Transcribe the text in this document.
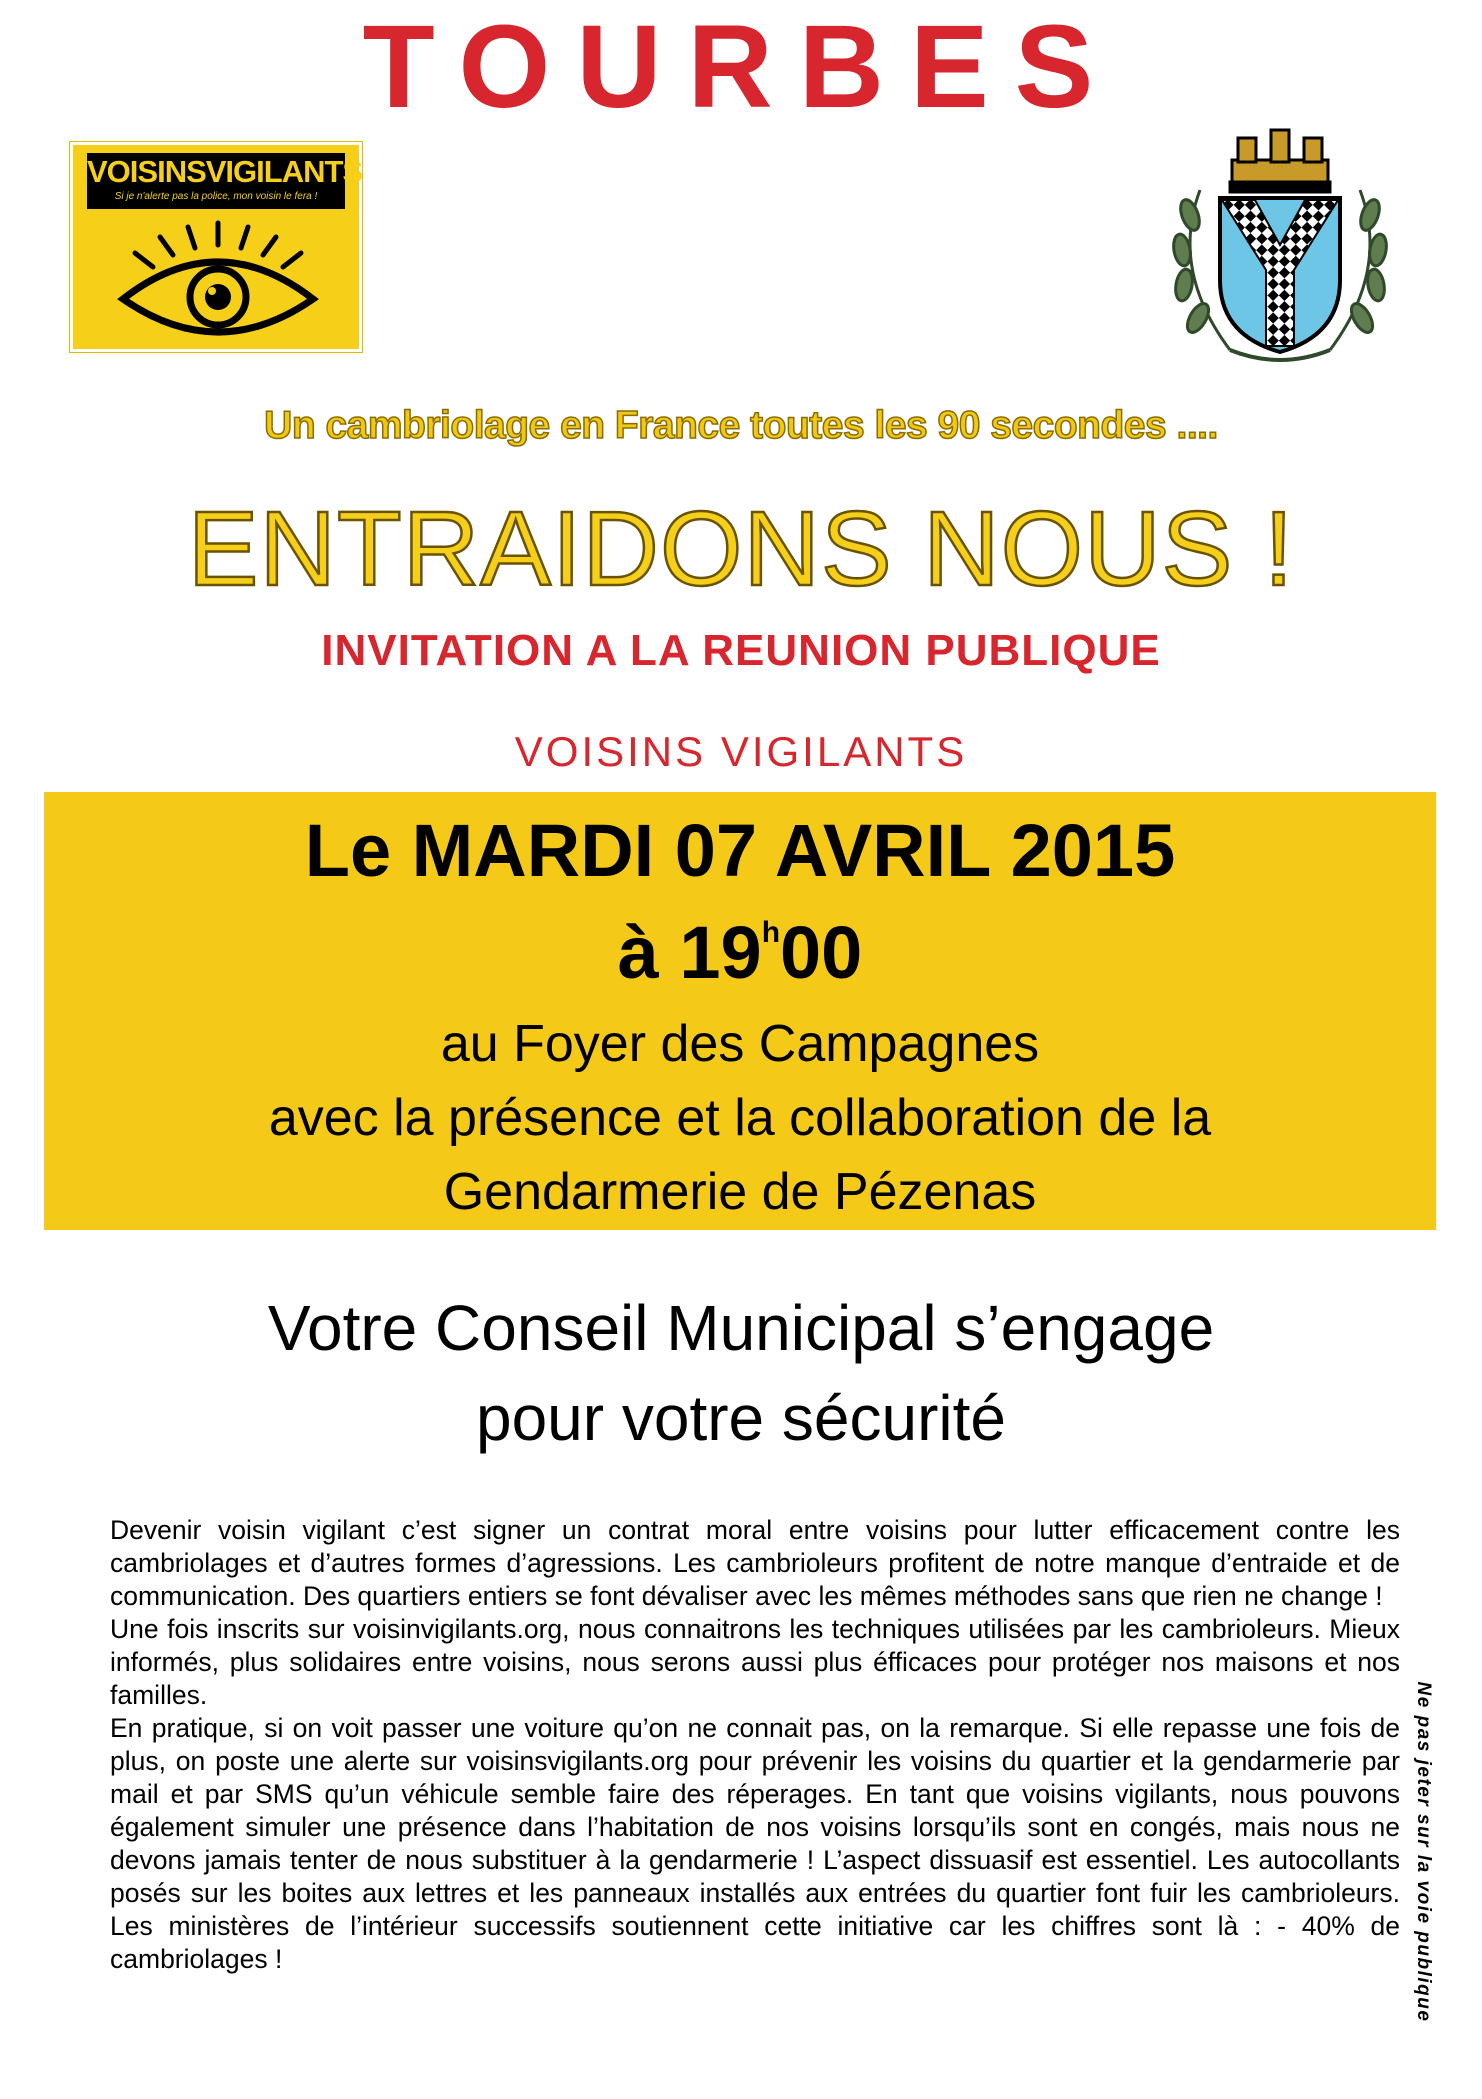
TOURBES
VOISINSVIGILANTS
Si je n'alerte pas la police, mon voisin le fera !
Un cambriolage en France toutes les 90 secondes ....
ENTRAIDONS NOUS !
INVITATION A LA REUNION PUBLIQUE
VOISINS VIGILANTS
Le MARDI 07 AVRIL 2015
à 19$^h$00
au Foyer des Campagnes
avec la présence et la collaboration de la
Gendarmerie de Pézenas
Votre Conseil Municipal s’engage
pour votre sécurité

Devenir voisin vigilant c’est signer un contrat moral entre voisins pour lutter efficacement contre les cambriolages et d’autres formes d’agressions. Les cambrioleurs profitent de notre manque d’entraide et de communication. Des quartiers entiers se font dévaliser avec les mêmes méthodes sans que rien ne change !

Une fois inscrits sur voisinvigilants.org, nous connaitrons les techniques utilisées par les cambrioleurs. Mieux informés, plus solidaires entre voisins, nous serons aussi plus éfficaces pour protéger nos maisons et nos familles.

En pratique, si on voit passer une voiture qu’on ne connait pas, on la remarque. Si elle repasse une fois de plus, on poste une alerte sur voisinsvigilants.org pour prévenir les voisins du quartier et la gendarmerie par mail et par SMS qu’un véhicule semble faire des réperages. En tant que voisins vigilants, nous pouvons également simuler une présence dans l’habitation de nos voisins lorsqu’ils sont en congés, mais nous ne devons jamais tenter de nous substituer à la gendarmerie ! L’aspect dissuasif est essentiel. Les autocollants posés sur les boites aux lettres et les panneaux installés aux entrées du quartier font fuir les cambrioleurs. Les ministères de l’intérieur successifs soutiennent cette initiative car les chiffres sont là : - 40% de cambriolages !	Ne pas jeter sur la voie publique
